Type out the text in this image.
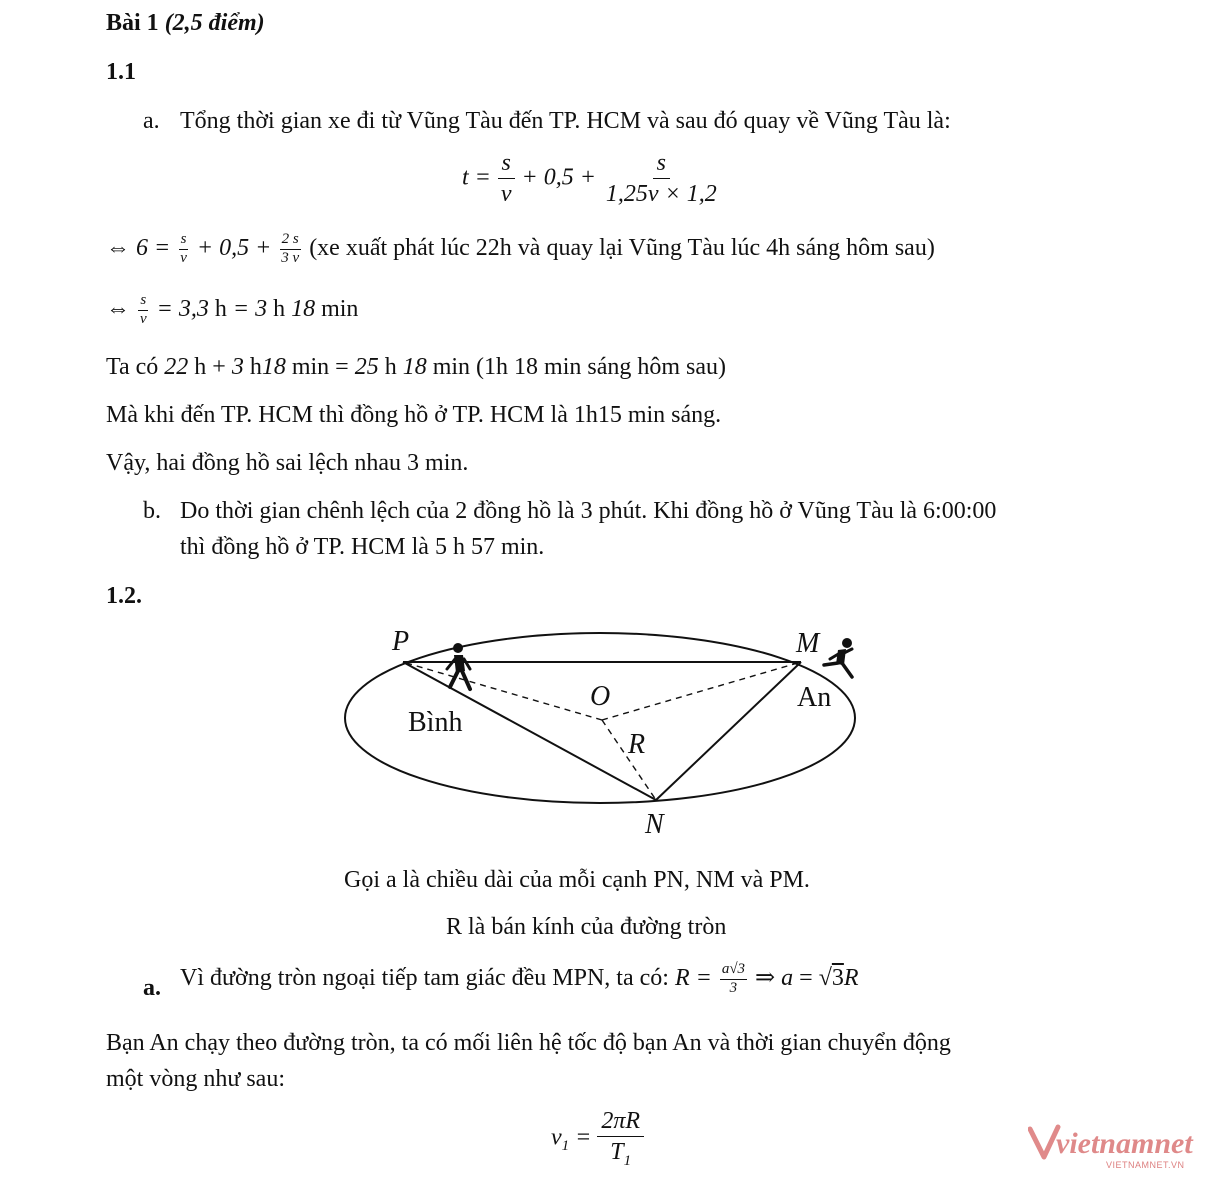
Bài 1 (2,5 điểm)
1.1
a. Tổng thời gian xe đi từ Vũng Tàu đến TP. HCM và sau đó quay về Vũng Tàu là:
$t = \frac{s}{v} + 0,5 + \frac{s}{1,25v \times 1,2}$
⇔ $6 = \frac{s}{v} + 0,5 + \frac{2 s}{3 v} (xe$ xuất phát lúc 22h và quay lại Vũng Tàu lúc 4h sáng hôm sau)
⇔ $\frac{s}{v} = 3,3$ h = 3 h 18 min
Ta có 22 h + 3 h18 min = 25 h 18 min (1h 18 min sáng hôm sau)
Mà khi đến TP. HCM thì đồng hồ ở TP. HCM là 1h15 min sáng.
Vậy, hai đồng hồ sai lệch nhau 3 min.
b. Do thời gian chênh lệch của 2 đồng hồ là 3 phút. Khi đồng hồ ở Vũng Tàu là 6:00:00
thì đồng hồ ở TP. HCM là 5 h 57 min.
1.2.
P	M
O
R
N
Bình
An
Gọi a là chiều dài của mỗi cạnh PN, NM và PM.
R là bán kính của đường tròn
a. Vì đường tròn ngoại tiếp tam giác đều MPN, ta có: $R = \frac{a√3}{3}$ ⇒ a = √3R
Bạn An chạy theo đường tròn, ta có mối liên hệ tốc độ bạn An và thời gian chuyển động
một vòng như sau:
$v_1 = \frac{2\pi R}{T_1}$	vietnamnet
VIETNAMNET.VN
